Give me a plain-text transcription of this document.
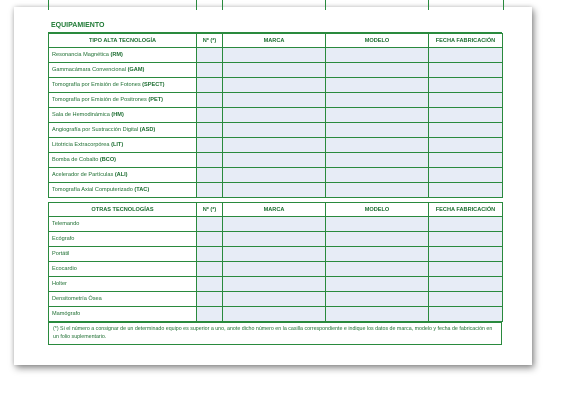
EQUIPAMIENTO
TIPO ALTA TECNOLOGÍA	Nº (*)	MARCA	MODELO	FECHA FABRICACIÓN
Resonancia Magnética (RM)				
Gammacámara Convencional (GAM)				
Tomografía por Emisión de Fotones (SPECT)				
Tomografía por Emisión de Positrones (PET)				
Sala de Hemodinámica (HM)				
Angiografía por Sustracción Digital (ASD)				
Litotricia Extracorpórea (LIT)				
Bomba de Cobalto (BCO)				
Acelerador de Partículas (ALI)				
Tomografía Axial Computerizado (TAC)				
OTRAS TECNOLOGÍAS	Nº (*)	MARCA	MODELO	FECHA FABRICACIÓN
Telemando				
Ecógrafo				
Portátil				
Ecocardio				
Holter				
Densitometría Ósea				
Mamógrafo				
(*) Si el número a consignar de un determinado equipo es superior a uno, anote dicho número en la casilla correspondiente e indique los datos de marca, modelo y fecha de fabricación en un folio suplementario.
